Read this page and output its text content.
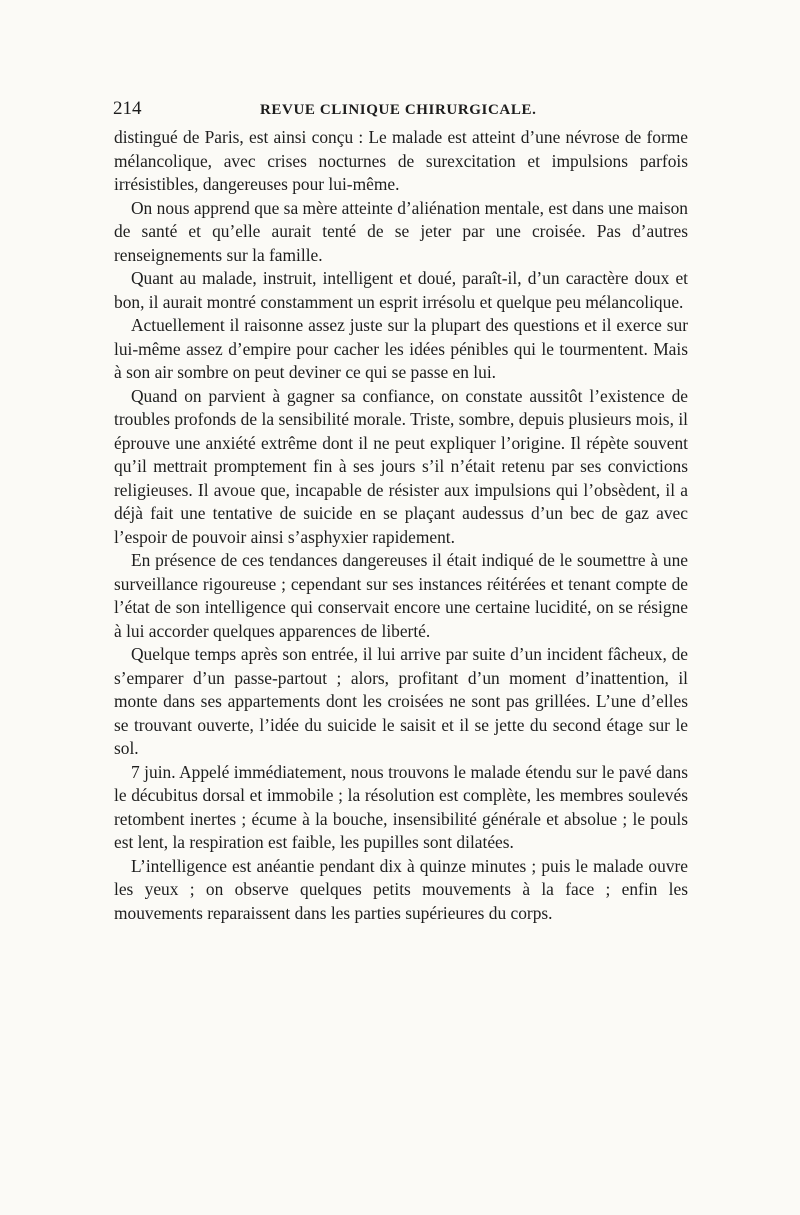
214	REVUE CLINIQUE CHIRURGICALE.

distingué de Paris, est ainsi conçu : Le malade est atteint d’une névrose de forme mélancolique, avec crises nocturnes de surexcitation et impulsions parfois irrésistibles, dangereuses pour lui-même.

On nous apprend que sa mère atteinte d’aliénation mentale, est dans une maison de santé et qu’elle aurait tenté de se jeter par une croisée. Pas d’autres renseignements sur la famille.

Quant au malade, instruit, intelligent et doué, paraît-il, d’un caractère doux et bon, il aurait montré constamment un esprit irrésolu et quelque peu mélancolique.

Actuellement il raisonne assez juste sur la plupart des questions et il exerce sur lui-même assez d’empire pour cacher les idées pénibles qui le tourmentent. Mais à son air sombre on peut deviner ce qui se passe en lui.

Quand on parvient à gagner sa confiance, on constate aussitôt l’existence de troubles profonds de la sensibilité morale. Triste, sombre, depuis plusieurs mois, il éprouve une anxiété extrême dont il ne peut expliquer l’origine. Il répète souvent qu’il mettrait promptement fin à ses jours s’il n’était retenu par ses convictions religieuses. Il avoue que, incapable de résister aux impulsions qui l’obsèdent, il a déjà fait une tentative de suicide en se plaçant audessus d’un bec de gaz avec l’espoir de pouvoir ainsi s’asphyxier rapidement.

En présence de ces tendances dangereuses il était indiqué de le soumettre à une surveillance rigoureuse ; cependant sur ses instances réitérées et tenant compte de l’état de son intelligence qui conservait encore une certaine lucidité, on se résigne à lui accorder quelques apparences de liberté.

Quelque temps après son entrée, il lui arrive par suite d’un incident fâcheux, de s’emparer d’un passe-partout ; alors, profitant d’un moment d’inattention, il monte dans ses appartements dont les croisées ne sont pas grillées. L’une d’elles se trouvant ouverte, l’idée du suicide le saisit et il se jette du second étage sur le sol.

7 juin. Appelé immédiatement, nous trouvons le malade étendu sur le pavé dans le décubitus dorsal et immobile ; la résolution est complète, les membres soulevés retombent inertes ; écume à la bouche, insensibilité générale et absolue ; le pouls est lent, la respiration est faible, les pupilles sont dilatées.

L’intelligence est anéantie pendant dix à quinze minutes ; puis le malade ouvre les yeux ; on observe quelques petits mouvements à la face ; enfin les mouvements reparaissent dans les parties supérieures du corps.
